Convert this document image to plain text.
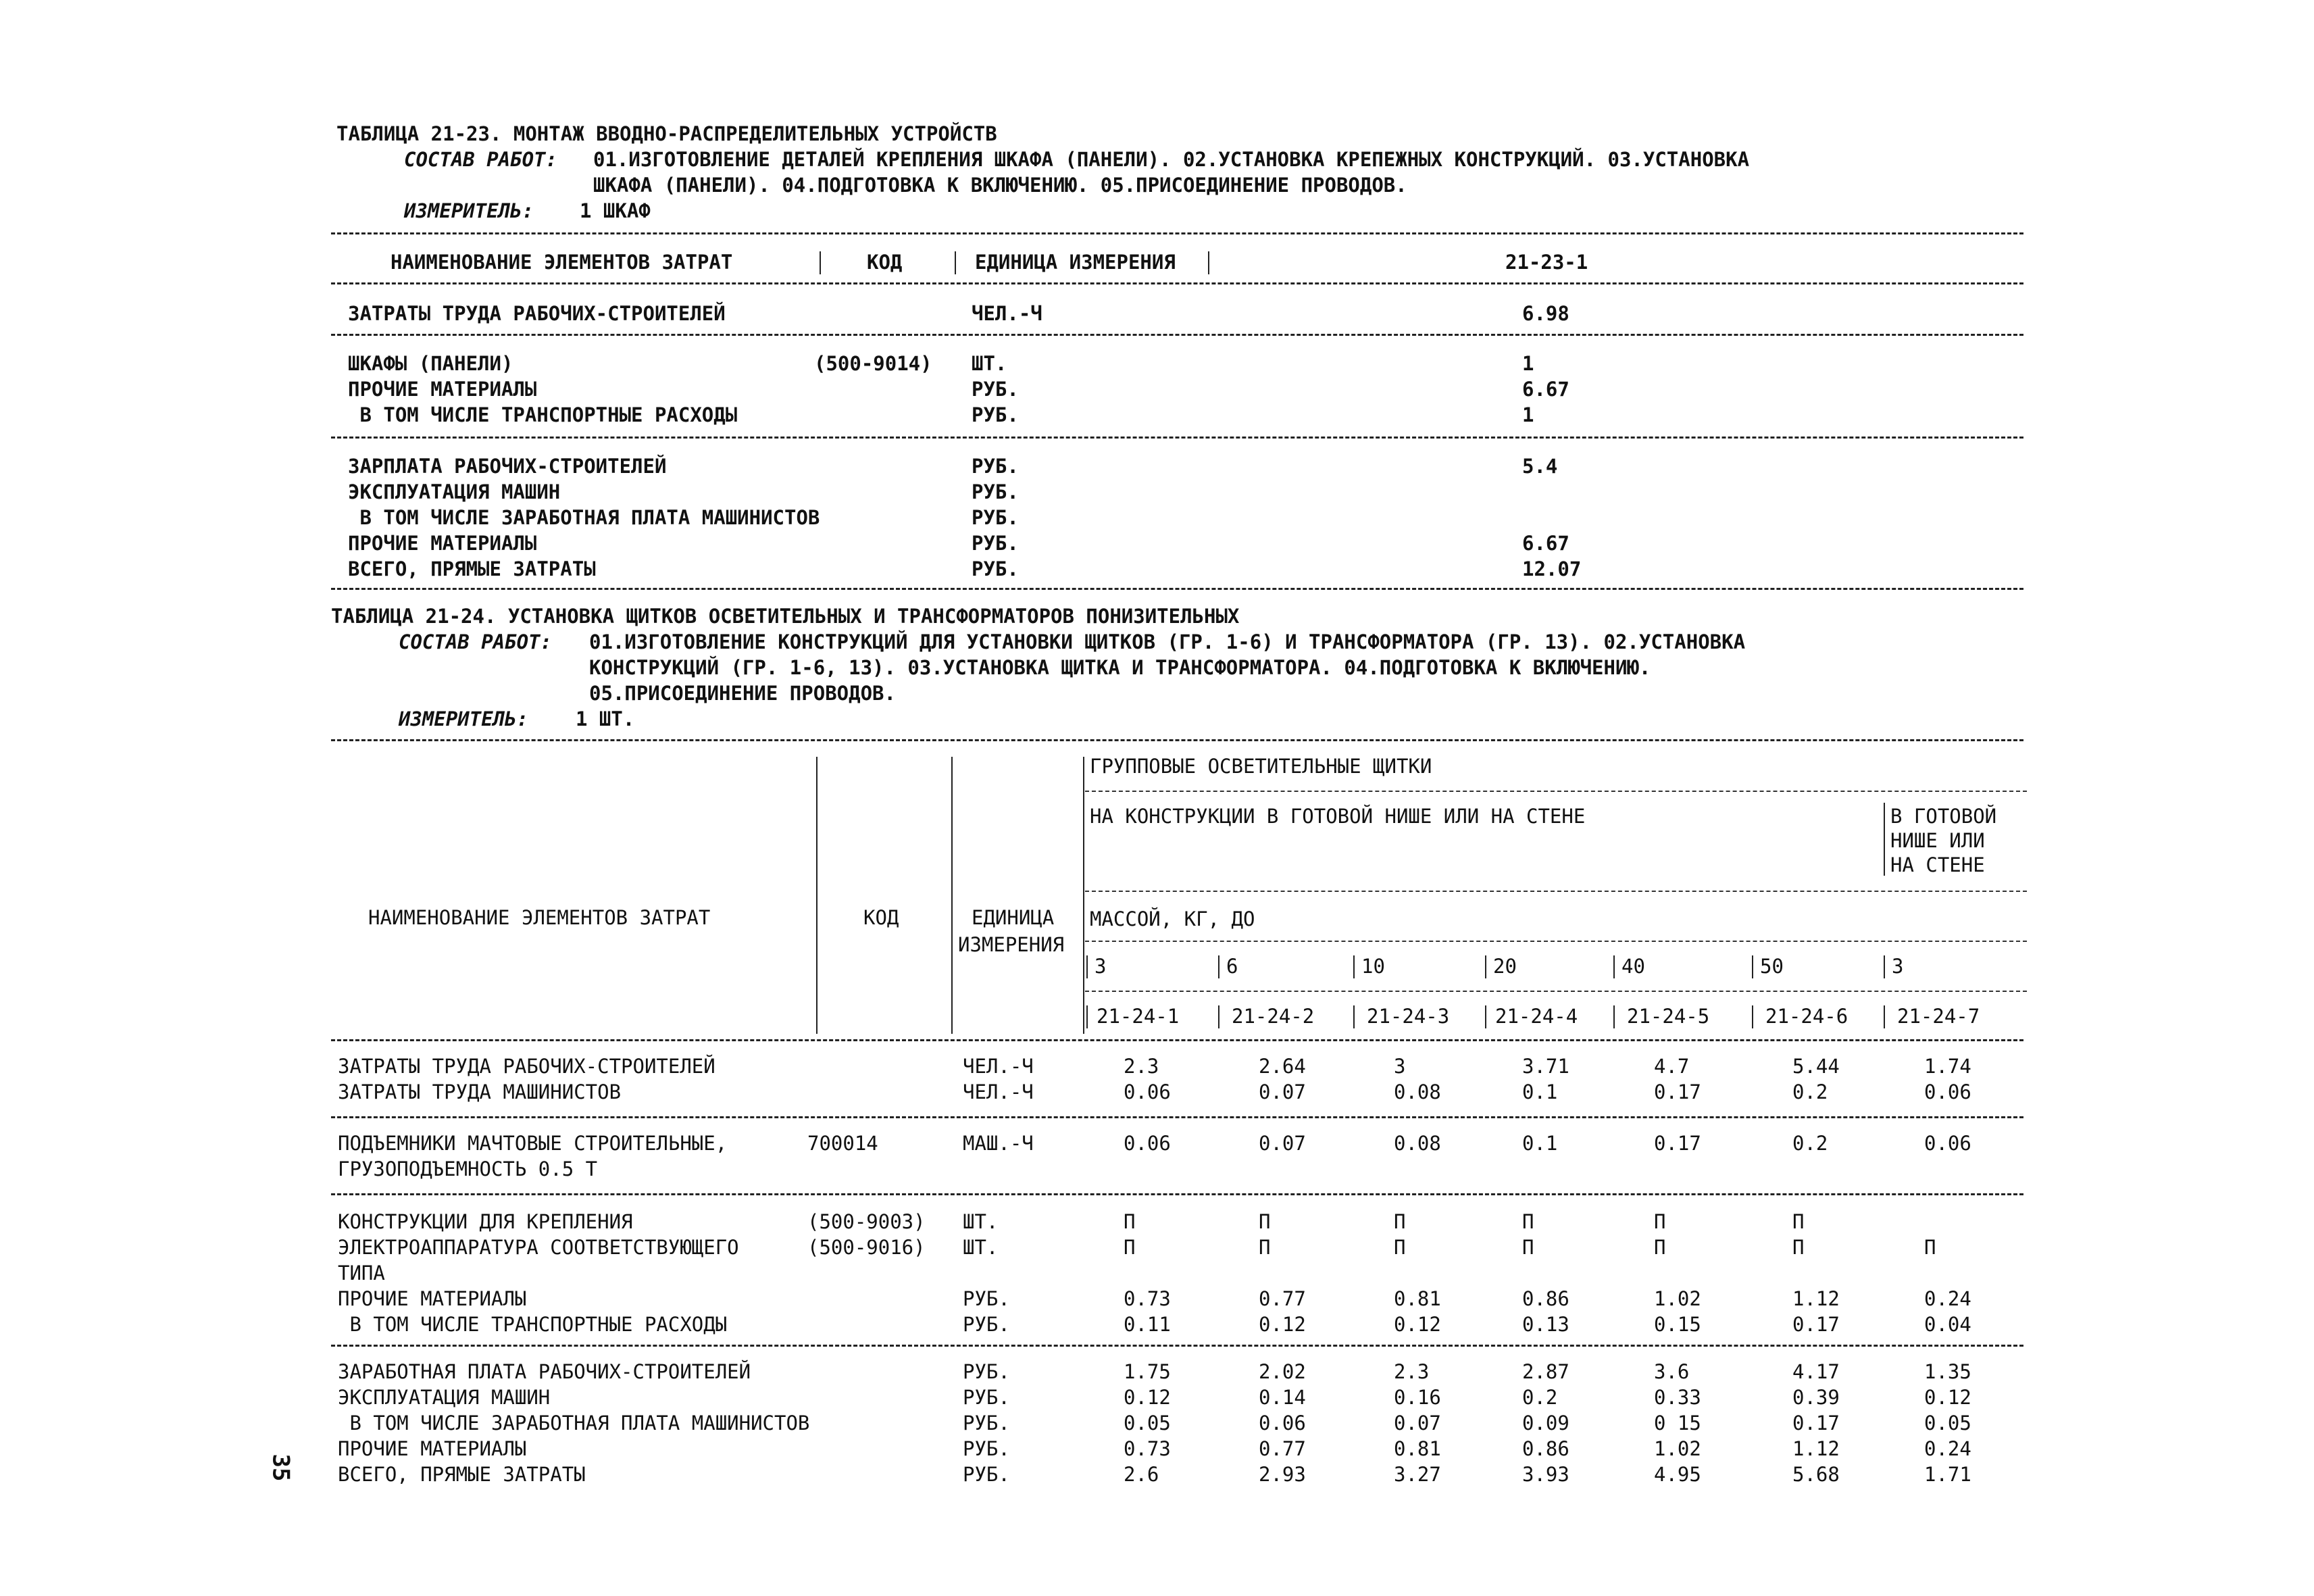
ТАБЛИЦА 21-23. МОНТАЖ ВВОДНО-РАСПРЕДЕЛИТЕЛЬНЫХ УСТРОЙСТВ
СОСТАВ РАБОТ: 01.ИЗГОТОВЛЕНИЕ ДЕТАЛЕЙ КРЕПЛЕНИЯ ШКАФА (ПАНЕЛИ). 02.УСТАНОВКА КРЕПЕЖНЫХ КОНСТРУКЦИЙ. 03.УСТАНОВКА
ШКАФА (ПАНЕЛИ). 04.ПОДГОТОВКА К ВКЛЮЧЕНИЮ. 05.ПРИСОЕДИНЕНИЕ ПРОВОДОВ.
ИЗМЕРИТЕЛЬ: 1 ШКАФ
НАИМЕНОВАНИЕ ЭЛЕМЕНТОВ ЗАТРАТ	КОД	ЕДИНИЦА ИЗМЕРЕНИЯ	21-23-1
ЗАТРАТЫ ТРУДА РАБОЧИХ-СТРОИТЕЛЕЙ	ЧЕЛ.-Ч	6.98
ШКАФЫ (ПАНЕЛИ)	(500-9014) ШТ.	1
ПРОЧИЕ МАТЕРИАЛЫ	РУБ.	6.67
В ТОМ ЧИСЛЕ ТРАНСПОРТНЫЕ РАСХОДЫ	РУБ.	1
ЗАРПЛАТА РАБОЧИХ-СТРОИТЕЛЕЙ	РУБ.	5.4
ЭКСПЛУАТАЦИЯ МАШИН	РУБ.
В ТОМ ЧИСЛЕ ЗАРАБОТНАЯ ПЛАТА МАШИНИСТОВ	РУБ.
ПРОЧИЕ МАТЕРИАЛЫ	РУБ.	6.67
ВСЕГО, ПРЯМЫЕ ЗАТРАТЫ	РУБ.	12.07
ТАБЛИЦА 21-24. УСТАНОВКА ЩИТКОВ ОСВЕТИТЕЛЬНЫХ И ТРАНСФОРМАТОРОВ ПОНИЗИТЕЛЬНЫХ
СОСТАВ РАБОТ: 01.ИЗГОТОВЛЕНИЕ КОНСТРУКЦИЙ ДЛЯ УСТАНОВКИ ЩИТКОВ (ГР. 1-6) И ТРАНСФОРМАТОРА (ГР. 13). 02.УСТАНОВКА
КОНСТРУКЦИЙ (ГР. 1-6, 13). 03.УСТАНОВКА ЩИТКА И ТРАНСФОРМАТОРА. 04.ПОДГОТОВКА К ВКЛЮЧЕНИЮ.
05.ПРИСОЕДИНЕНИЕ ПРОВОДОВ.
ИЗМЕРИТЕЛЬ: 1 ШТ.
ГРУППОВЫЕ ОСВЕТИТЕЛЬНЫЕ ЩИТКИ
НА КОНСТРУКЦИИ В ГОТОВОЙ НИШЕ ИЛИ НА СТЕНЕ	В ГОТОВОЙ
НИШЕ ИЛИ
НА СТЕНЕ
МАССОЙ, КГ, ДО
НАИМЕНОВАНИЕ ЭЛЕМЕНТОВ ЗАТРАТ	КОД	ЕДИНИЦА
ИЗМЕРЕНИЯ
3	6	10	20	40	50	3
21-24-1	21-24-2	21-24-3 21-24-4	21-24-5	21-24-6	21-24-7
ЗАТРАТЫ ТРУДА РАБОЧИХ-СТРОИТЕЛЕЙ	ЧЕЛ.-Ч	2.3	2.64	3	3.71	4.7	5.44	1.74
ЗАТРАТЫ ТРУДА МАШИНИСТОВ	ЧЕЛ.-Ч	0.06	0.07	0.08	0.1	0.17	0.2	0.06
ПОДЪЕМНИКИ МАЧТОВЫЕ СТРОИТЕЛЬНЫЕ,	700014	МАШ.-Ч	0.06	0.07	0.08	0.1	0.17	0.2	0.06
ГРУЗОПОДЪЕМНОСТЬ 0.5 Т
КОНСТРУКЦИИ ДЛЯ КРЕПЛЕНИЯ	(500-9003) ШТ.	П	П	П	П	П	П
ЭЛЕКТРОАППАРАТУРА СООТВЕТСТВУЮЩЕГО	(500-9016) ШТ.	П	П	П	П	П	П	П
ТИПА
ПРОЧИЕ МАТЕРИАЛЫ	РУБ.	0.73	0.77	0.81	0.86	1.02	1.12	0.24
В ТОМ ЧИСЛЕ ТРАНСПОРТНЫЕ РАСХОДЫ	РУБ.	0.11	0.12	0.12	0.13	0.15	0.17	0.04
ЗАРАБОТНАЯ ПЛАТА РАБОЧИХ-СТРОИТЕЛЕЙ	РУБ.	1.75	2.02	2.3	2.87	3.6	4.17	1.35
ЭКСПЛУАТАЦИЯ МАШИН	РУБ.	0.12	0.14	0.16	0.2	0.33	0.39	0.12
В ТОМ ЧИСЛЕ ЗАРАБОТНАЯ ПЛАТА МАШИНИСТОВ	РУБ.	0.05	0.06	0.07	0.09	0 15	0.17	0.05
ПРОЧИЕ МАТЕРИАЛЫ	РУБ.	0.73	0.77	0.81	0.86	1.02	1.12	0.24
ВСЕГО, ПРЯМЫЕ ЗАТРАТЫ	РУБ.	2.6	2.93	3.27	3.93	4.95	5.68	1.71
35
